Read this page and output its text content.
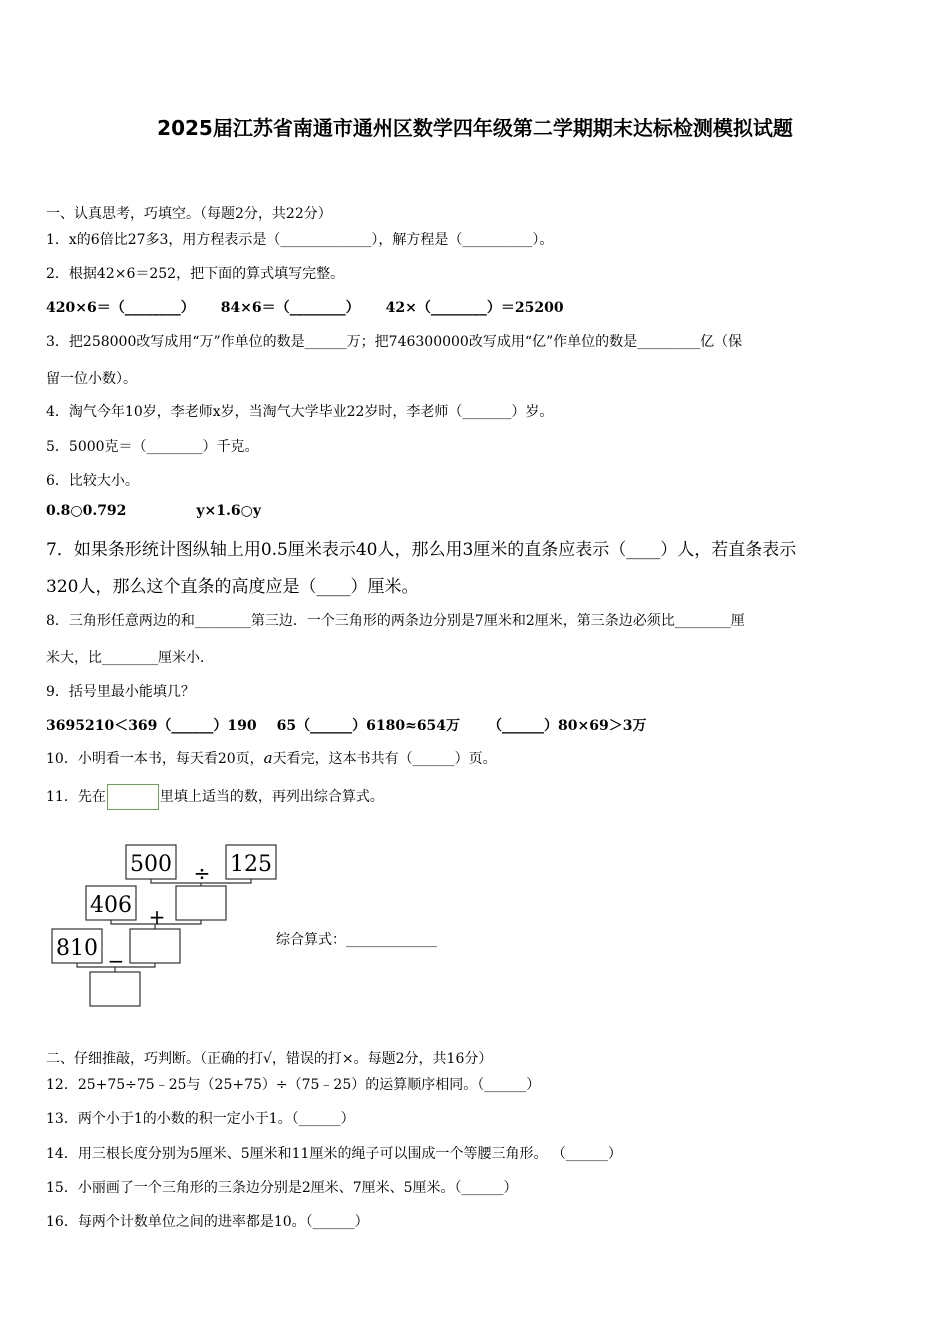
2025届江苏省南通市通州区数学四年级第二学期期末达标检测模拟试题
一、认真思考，巧填空。（每题2分，共22分）
1．x的6倍比27多3，用方程表示是（_____________），解方程是（__________）。
2．根据42×6＝252，把下面的算式填写完整。
420×6＝（________） 84×6＝（________） 42×（________）＝25200
3．把258000改写成用“万”作单位的数是______万；把746300000改写成用“亿”作单位的数是_________亿（保
留一位小数）。
4．淘气今年10岁，李老师x岁，当淘气大学毕业22岁时，李老师（_______）岁。
5．5000克＝（________）千克。
6．比较大小。
0.8○0.792	y×1.6○y
7．如果条形统计图纵轴上用0.5厘米表示40人，那么用3厘米的直条应表示（____）人，若直条表示
320人，那么这个直条的高度应是（____）厘米。
8．三角形任意两边的和________第三边．一个三角形的两条边分别是7厘米和2厘米，第三条边必须比________厘
米大，比________厘米小．
9．括号里最小能填几？
3695210＜369（______）190 65（______）6180≈654万 （______）80×69＞3万
10．小明看一本书，每天看20页，a天看完，这本书共有（______）页。
11．先在	里填上适当的数，再列出综合算式。
500	125
406
810
÷
+
−
综合算式：_____________
二、仔细推敲，巧判断。（正确的打√，错误的打×。每题2分，共16分）
12．25+75÷75﹣25与（25+75）÷（75﹣25）的运算顺序相同。（______）
13．两个小于1的小数的积一定小于1。（______）
14．用三根长度分别为5厘米、5厘米和11厘米的绳子可以围成一个等腰三角形。 （______）
15．小丽画了一个三角形的三条边分别是2厘米、7厘米、5厘米。（______）
16．每两个计数单位之间的进率都是10。（______）
